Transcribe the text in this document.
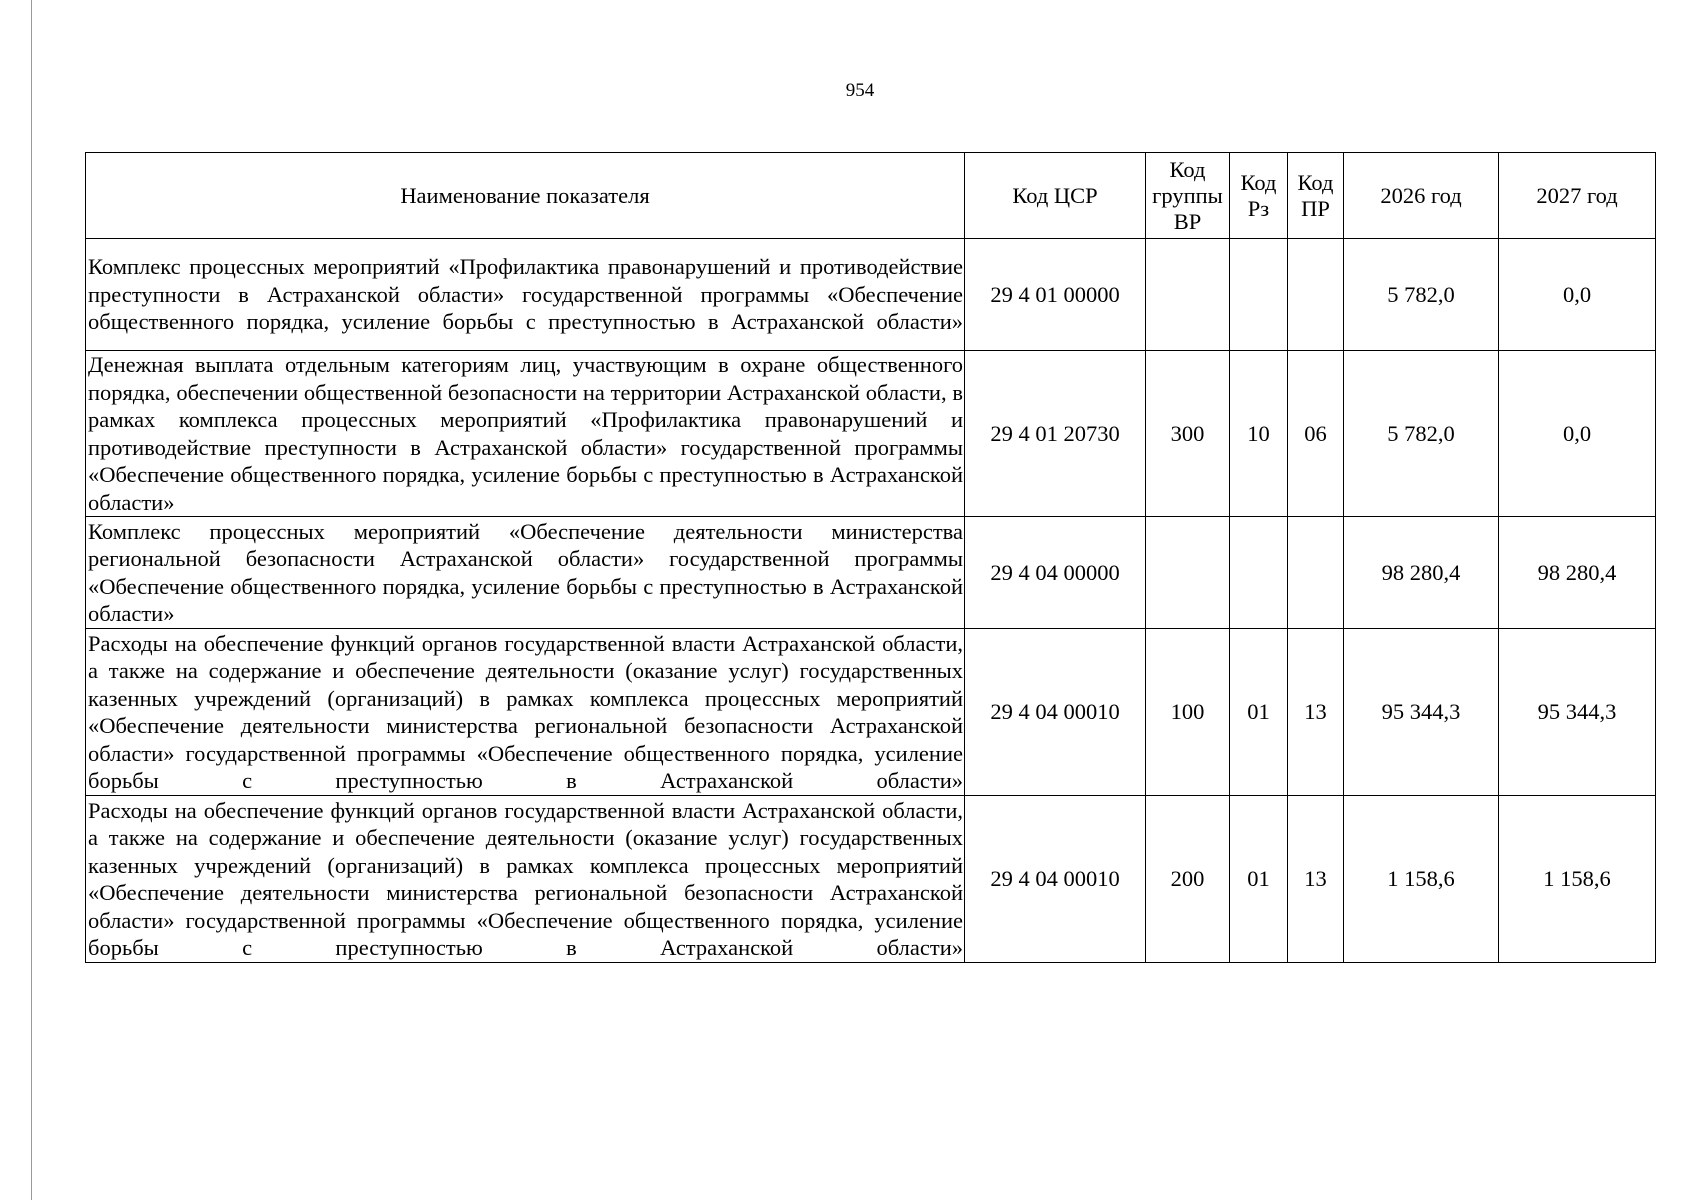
954
Наименование показателя	Код ЦСР	Код группы ВР	Код Рз	Код ПР	2026 год	2027 год
Комплекс процессных мероприятий «Профилактика правонарушений и противодействие преступности в Астраханской области» государственной программы «Обеспечение общественного порядка, усиление борьбы с преступностью в Астраханской области»	29 4 01 00000				5 782,0	0,0
Денежная выплата отдельным категориям лиц, участвующим в охране общественного порядка, обеспечении общественной безопасности на территории Астраханской области, в рамках комплекса процессных мероприятий «Профилактика правонарушений и противодействие преступности в Астраханской области» государственной программы «Обеспечение общественного порядка, усиление борьбы с преступностью в Астраханской области»	29 4 01 20730	300	10	06	5 782,0	0,0
Комплекс процессных мероприятий «Обеспечение деятельности министерства региональной безопасности Астраханской области» государственной программы «Обеспечение общественного порядка, усиление борьбы с преступностью в Астраханской области»	29 4 04 00000				98 280,4	98 280,4
Расходы на обеспечение функций органов государственной власти Астраханской области, а также на содержание и обеспечение деятельности (оказание услуг) государственных казенных учреждений (организаций) в рамках комплекса процессных мероприятий «Обеспечение деятельности министерства региональной безопасности Астраханской области» государственной программы «Обеспечение общественного порядка, усиление борьбы с преступностью в Астраханской области»	29 4 04 00010	100	01	13	95 344,3	95 344,3
Расходы на обеспечение функций органов государственной власти Астраханской области, а также на содержание и обеспечение деятельности (оказание услуг) государственных казенных учреждений (организаций) в рамках комплекса процессных мероприятий «Обеспечение деятельности министерства региональной безопасности Астраханской области» государственной программы «Обеспечение общественного порядка, усиление борьбы с преступностью в Астраханской области»	29 4 04 00010	200	01	13	1 158,6	1 158,6
